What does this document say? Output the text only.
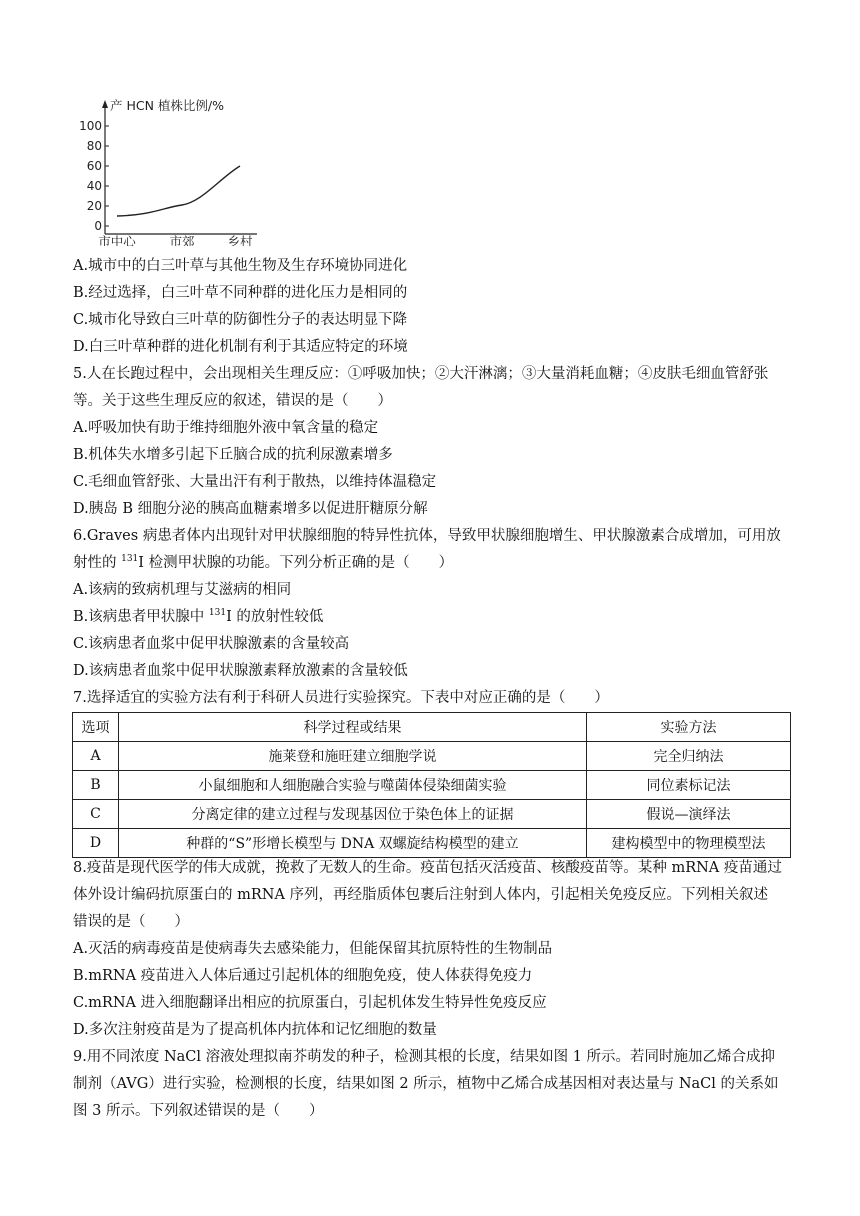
产 HCN 植株比例/%
100
80
60
40
20
0
市中心	市郊	乡村
A.城市中的白三叶草与其他生物及生存环境协同进化
B.经过选择，白三叶草不同种群的进化压力是相同的
C.城市化导致白三叶草的防御性分子的表达明显下降
D.白三叶草种群的进化机制有利于其适应特定的环境
5.人在长跑过程中，会出现相关生理反应：①呼吸加快；②大汗淋漓；③大量消耗血糖；④皮肤毛细血管舒张
等。关于这些生理反应的叙述，错误的是（　　）
A.呼吸加快有助于维持细胞外液中氧含量的稳定
B.机体失水增多引起下丘脑合成的抗利尿激素增多
C.毛细血管舒张、大量出汗有利于散热，以维持体温稳定
D.胰岛 B 细胞分泌的胰高血糖素增多以促进肝糖原分解
6.Graves 病患者体内出现针对甲状腺细胞的特异性抗体，导致甲状腺细胞增生、甲状腺激素合成增加，可用放
射性的 $^{131}$I 检测甲状腺的功能。下列分析正确的是（　　）
A.该病的致病机理与艾滋病的相同
B.该病患者甲状腺中 $^{131}$I 的放射性较低
C.该病患者血浆中促甲状腺激素的含量较高
D.该病患者血浆中促甲状腺激素释放激素的含量较低
7.选择适宜的实验方法有利于科研人员进行实验探究。下表中对应正确的是（　　）
选项	科学过程或结果	实验方法
A	施莱登和施旺建立细胞学说	完全归纳法
B	小鼠细胞和人细胞融合实验与噬菌体侵染细菌实验	同位素标记法
C	分离定律的建立过程与发现基因位于染色体上的证据	假说—演绎法
D	种群的“S”形增长模型与 DNA 双螺旋结构模型的建立	建构模型中的物理模型法
8.疫苗是现代医学的伟大成就，挽救了无数人的生命。疫苗包括灭活疫苗、核酸疫苗等。某种 mRNA 疫苗通过
体外设计编码抗原蛋白的 mRNA 序列，再经脂质体包裹后注射到人体内，引起相关免疫反应。下列相关叙述
错误的是（　　）
A.灭活的病毒疫苗是使病毒失去感染能力，但能保留其抗原特性的生物制品
B.mRNA 疫苗进入人体后通过引起机体的细胞免疫，使人体获得免疫力
C.mRNA 进入细胞翻译出相应的抗原蛋白，引起机体发生特异性免疫反应
D.多次注射疫苗是为了提高机体内抗体和记忆细胞的数量
9.用不同浓度 NaCl 溶液处理拟南芥萌发的种子，检测其根的长度，结果如图 1 所示。若同时施加乙烯合成抑
制剂（AVG）进行实验，检测根的长度，结果如图 2 所示，植物中乙烯合成基因相对表达量与 NaCl 的关系如
图 3 所示。下列叙述错误的是（　　）
